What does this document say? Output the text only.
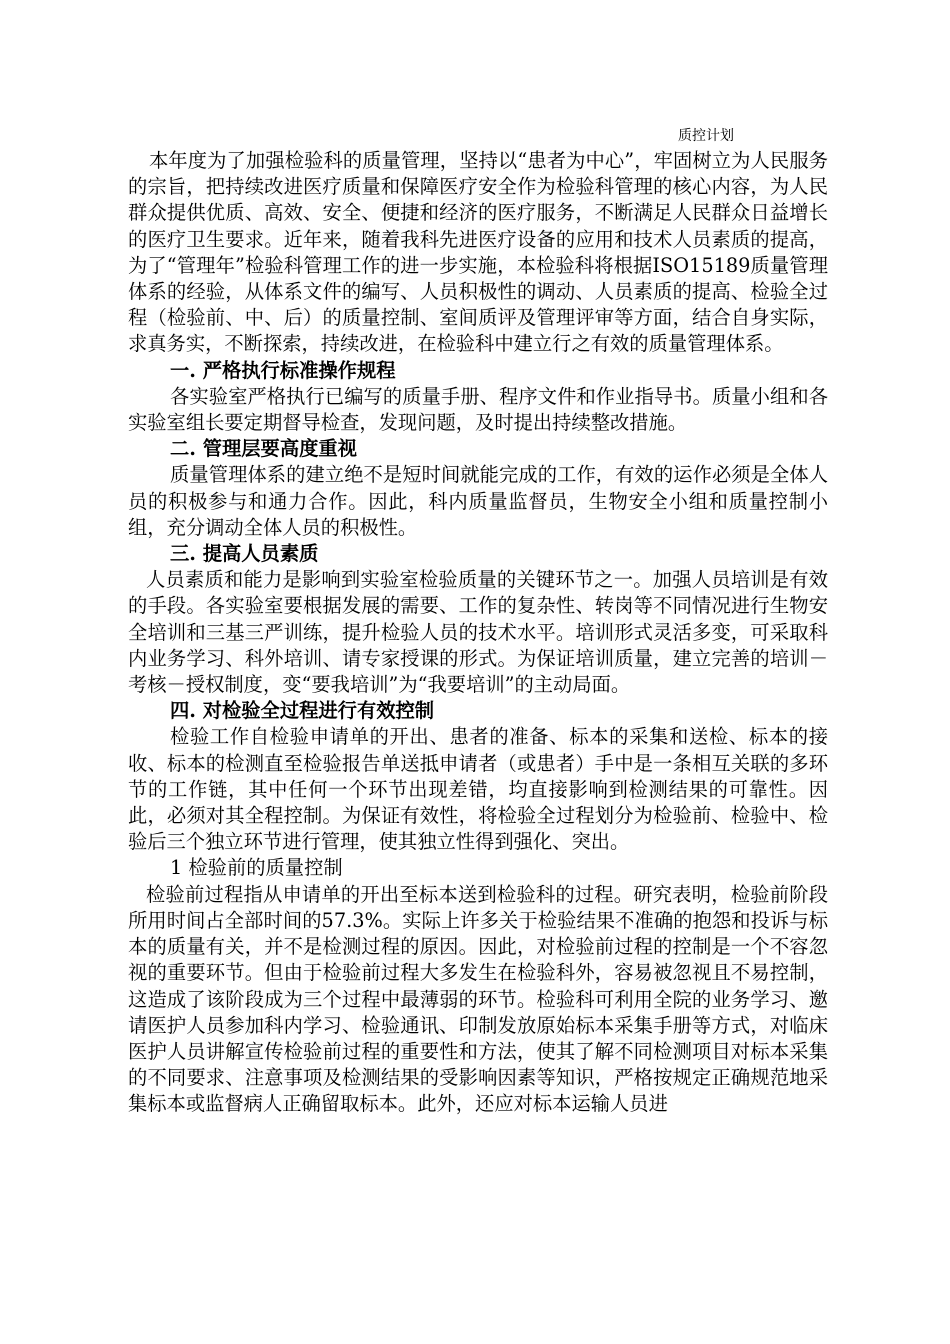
质控计划

本年度为了加强检验科的质量管理，坚持以“患者为中心”，牢固树立为人民服务的宗旨，把持续改进医疗质量和保障医疗安全作为检验科管理的核心内容，为人民群众提供优质、高效、安全、便捷和经济的医疗服务，不断满足人民群众日益增长的医疗卫生要求。近年来，随着我科先进医疗设备的应用和技术人员素质的提高，为了“管理年”检验科管理工作的进一步实施，本检验科将根据ISO15189质量管理体系的经验，从体系文件的编写、人员积极性的调动、人员素质的提高、检验全过程（检验前、中、后）的质量控制、室间质评及管理评审等方面，结合自身实际，求真务实，不断探索，持续改进，在检验科中建立行之有效的质量管理体系。

一. 严格执行标准操作规程

各实验室严格执行已编写的质量手册、程序文件和作业指导书。质量小组和各实验室组长要定期督导检查，发现问题，及时提出持续整改措施。

二. 管理层要高度重视

质量管理体系的建立绝不是短时间就能完成的工作，有效的运作必须是全体人员的积极参与和通力合作。因此，科内质量监督员，生物安全小组和质量控制小组，充分调动全体人员的积极性。

三. 提高人员素质

人员素质和能力是影响到实验室检验质量的关键环节之一。加强人员培训是有效的手段。各实验室要根据发展的需要、工作的复杂性、转岗等不同情况进行生物安全培训和三基三严训练，提升检验人员的技术水平。培训形式灵活多变，可采取科内业务学习、科外培训、请专家授课的形式。为保证培训质量，建立完善的培训－考核－授权制度，变“要我培训”为“我要培训”的主动局面。

四. 对检验全过程进行有效控制

检验工作自检验申请单的开出、患者的准备、标本的采集和送检、标本的接收、标本的检测直至检验报告单送抵申请者（或患者）手中是一条相互关联的多环节的工作链，其中任何一个环节出现差错，均直接影响到检测结果的可靠性。因此，必须对其全程控制。为保证有效性，将检验全过程划分为检验前、检验中、检验后三个独立环节进行管理，使其独立性得到强化、突出。

1 检验前的质量控制

检验前过程指从申请单的开出至标本送到检验科的过程。研究表明，检验前阶段所用时间占全部时间的57.3%。实际上许多关于检验结果不准确的抱怨和投诉与标本的质量有关，并不是检测过程的原因。因此，对检验前过程的控制是一个不容忽视的重要环节。但由于检验前过程大多发生在检验科外，容易被忽视且不易控制，这造成了该阶段成为三个过程中最薄弱的环节。检验科可利用全院的业务学习、邀请医护人员参加科内学习、检验通讯、印制发放原始标本采集手册等方式，对临床医护人员讲解宣传检验前过程的重要性和方法，使其了解不同检测项目对标本采集的不同要求、注意事项及检测结果的受影响因素等知识，严格按规定正确规范地采集标本或监督病人正确留取标本。此外，还应对标本运输人员进
